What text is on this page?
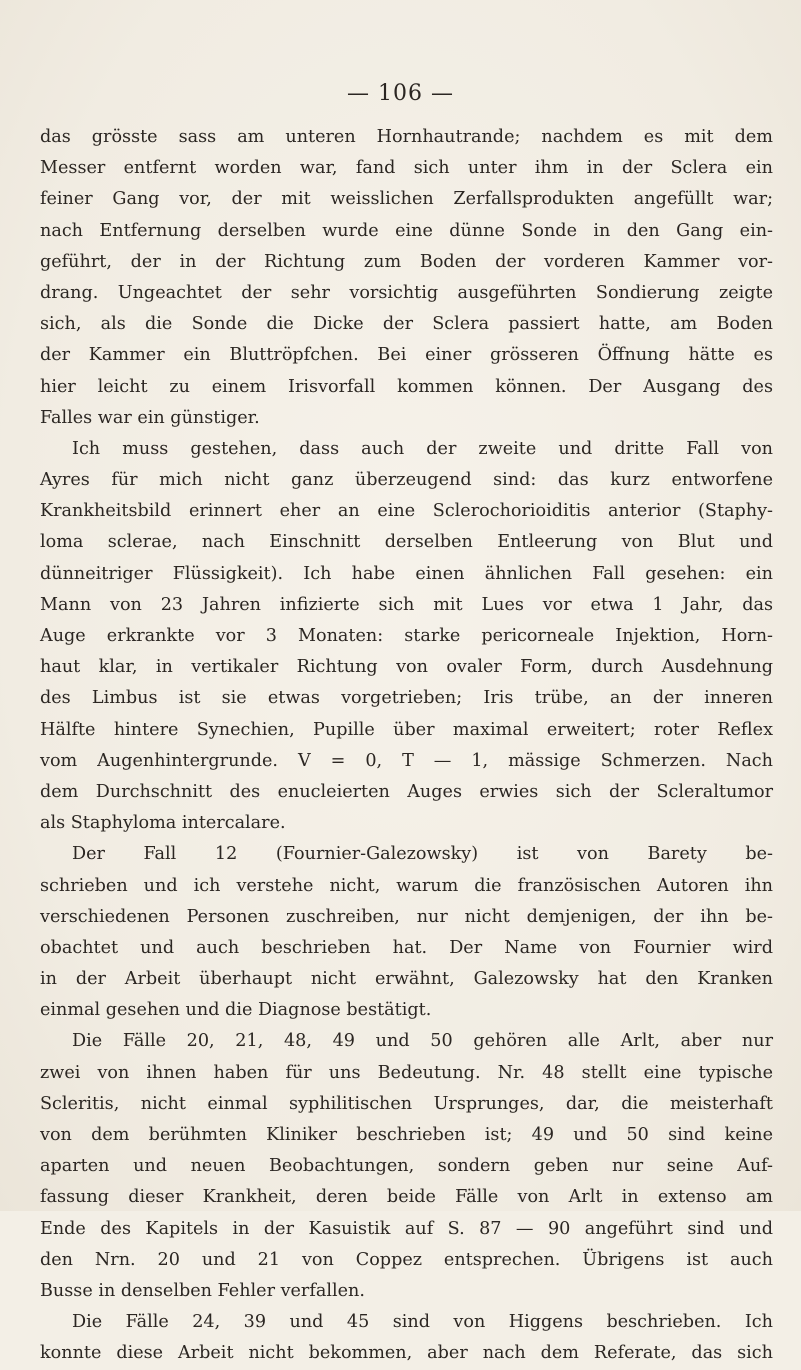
— 106 —
das grösste sass am unteren Hornhautrande; nachdem es mit dem
Messer entfernt worden war, fand sich unter ihm in der Sclera ein
feiner Gang vor, der mit weisslichen Zerfallsprodukten angefüllt war;
nach Entfernung derselben wurde eine dünne Sonde in den Gang ein-
geführt, der in der Richtung zum Boden der vorderen Kammer vor-
drang. Ungeachtet der sehr vorsichtig ausgeführten Sondierung zeigte
sich, als die Sonde die Dicke der Sclera passiert hatte, am Boden
der Kammer ein Bluttröpfchen. Bei einer grösseren Öffnung hätte es
hier leicht zu einem Irisvorfall kommen können. Der Ausgang des
Falles war ein günstiger.
Ich muss gestehen, dass auch der zweite und dritte Fall von
Ayres für mich nicht ganz überzeugend sind: das kurz entworfene
Krankheitsbild erinnert eher an eine Sclerochorioiditis anterior (Staphy-
loma sclerae, nach Einschnitt derselben Entleerung von Blut und
dünneitriger Flüssigkeit). Ich habe einen ähnlichen Fall gesehen: ein
Mann von 23 Jahren infizierte sich mit Lues vor etwa 1 Jahr, das
Auge erkrankte vor 3 Monaten: starke pericorneale Injektion, Horn-
haut klar, in vertikaler Richtung von ovaler Form, durch Ausdehnung
des Limbus ist sie etwas vorgetrieben; Iris trübe, an der inneren
Hälfte hintere Synechien, Pupille über maximal erweitert; roter Reflex
vom Augenhintergrunde. V = 0, T — 1, mässige Schmerzen. Nach
dem Durchschnitt des enucleierten Auges erwies sich der Scleraltumor
als Staphyloma intercalare.
Der Fall 12 (Fournier-Galezowsky) ist von Barety be-
schrieben und ich verstehe nicht, warum die französischen Autoren ihn
verschiedenen Personen zuschreiben, nur nicht demjenigen, der ihn be-
obachtet und auch beschrieben hat. Der Name von Fournier wird
in der Arbeit überhaupt nicht erwähnt, Galezowsky hat den Kranken
einmal gesehen und die Diagnose bestätigt.
Die Fälle 20, 21, 48, 49 und 50 gehören alle Arlt, aber nur
zwei von ihnen haben für uns Bedeutung. Nr. 48 stellt eine typische
Scleritis, nicht einmal syphilitischen Ursprunges, dar, die meisterhaft
von dem berühmten Kliniker beschrieben ist; 49 und 50 sind keine
aparten und neuen Beobachtungen, sondern geben nur seine Auf-
fassung dieser Krankheit, deren beide Fälle von Arlt in extenso am
Ende des Kapitels in der Kasuistik auf S. 87 — 90 angeführt sind und
den Nrn. 20 und 21 von Coppez entsprechen. Übrigens ist auch
Busse in denselben Fehler verfallen.
Die Fälle 24, 39 und 45 sind von Higgens beschrieben. Ich
konnte diese Arbeit nicht bekommen, aber nach dem Referate, das sich
